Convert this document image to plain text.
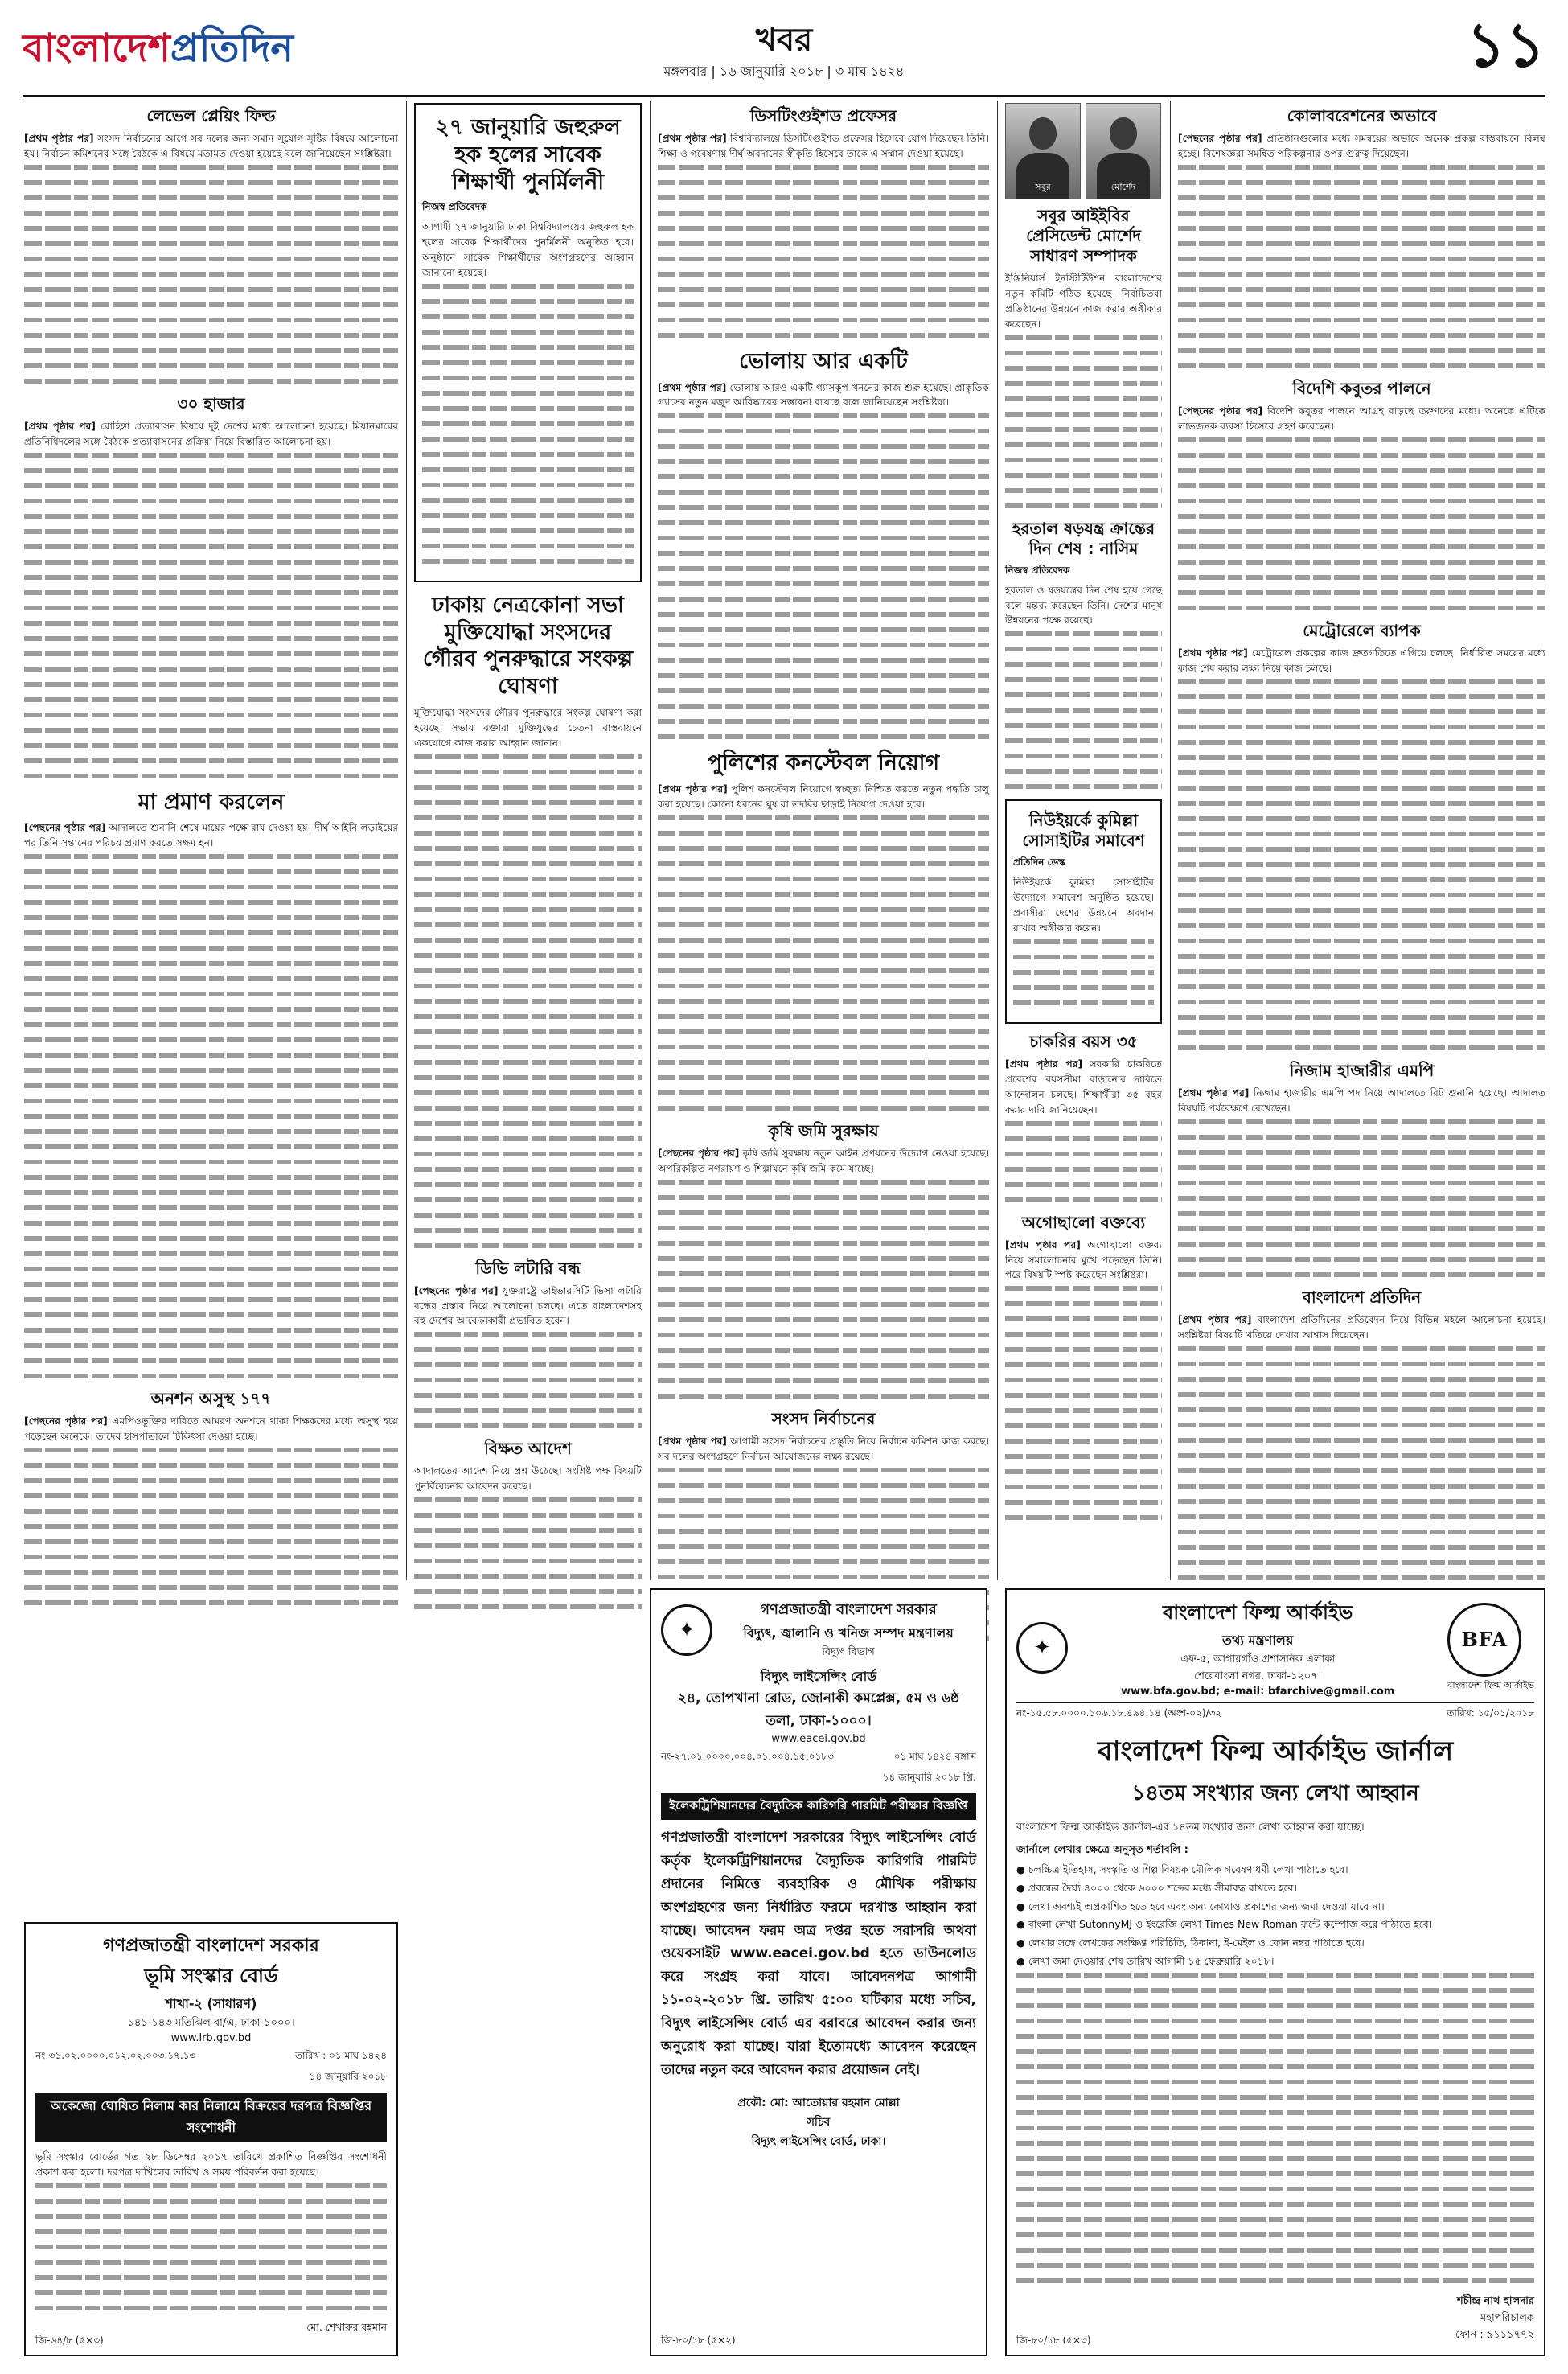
বাংলাদেশপ্রতিদিন	খবর
মঙ্গলবার | ১৬ জানুয়ারি ২০১৮ | ৩ মাঘ ১৪২৪	১১
লেভেল প্লেয়িং ফিল্ড

[প্রথম পৃষ্ঠার পর] সংসদ নির্বাচনের আগে সব দলের জন্য সমান সুযোগ সৃষ্টির বিষয়ে আলোচনা হয়। নির্বাচন কমিশনের সঙ্গে বৈঠকে এ বিষয়ে মতামত দেওয়া হয়েছে বলে জানিয়েছেন সংশ্লিষ্টরা।

৩০ হাজার

[প্রথম পৃষ্ঠার পর] রোহিঙ্গা প্রত্যাবাসন বিষয়ে দুই দেশের মধ্যে আলোচনা হয়েছে। মিয়ানমারের প্রতিনিধিদলের সঙ্গে বৈঠকে প্রত্যাবাসনের প্রক্রিয়া নিয়ে বিস্তারিত আলোচনা হয়।

মা প্রমাণ করলেন

[পেছনের পৃষ্ঠার পর] আদালতে শুনানি শেষে মায়ের পক্ষে রায় দেওয়া হয়। দীর্ঘ আইনি লড়াইয়ের পর তিনি সন্তানের পরিচয় প্রমাণ করতে সক্ষম হন।

অনশন অসুস্থ ১৭৭

[পেছনের পৃষ্ঠার পর] এমপিওভুক্তির দাবিতে আমরণ অনশনে থাকা শিক্ষকদের মধ্যে অসুস্থ হয়ে পড়েছেন অনেকে। তাদের হাসপাতালে চিকিৎসা দেওয়া হচ্ছে।

২৭ জানুয়ারি জহুরুল হক হলের সাবেক শিক্ষার্থী পুনর্মিলনী
নিজস্ব প্রতিবেদক

আগামী ২৭ জানুয়ারি ঢাকা বিশ্ববিদ্যালয়ের জহুরুল হক হলের সাবেক শিক্ষার্থীদের পুনর্মিলনী অনুষ্ঠিত হবে। অনুষ্ঠানে সাবেক শিক্ষার্থীদের অংশগ্রহণের আহ্বান জানানো হয়েছে।

ঢাকায় নেত্রকোনা সভা মুক্তিযোদ্ধা সংসদের গৌরব পুনরুদ্ধারে সংকল্প ঘোষণা

মুক্তিযোদ্ধা সংসদের গৌরব পুনরুদ্ধারে সংকল্প ঘোষণা করা হয়েছে। সভায় বক্তারা মুক্তিযুদ্ধের চেতনা বাস্তবায়নে একযোগে কাজ করার আহ্বান জানান।

ডিভি লটারি বন্ধ

[পেছনের পৃষ্ঠার পর] যুক্তরাষ্ট্রে ডাইভারসিটি ভিসা লটারি বন্ধের প্রস্তাব নিয়ে আলোচনা চলছে। এতে বাংলাদেশসহ বহু দেশের আবেদনকারী প্রভাবিত হবেন।

বিক্ষত আদেশ

আদালতের আদেশ নিয়ে প্রশ্ন উঠেছে। সংশ্লিষ্ট পক্ষ বিষয়টি পুনর্বিবেচনার আবেদন করেছে।

ডিসটিংগুইশড প্রফেসর

[প্রথম পৃষ্ঠার পর] বিশ্ববিদ্যালয়ে ডিসটিংগুইশড প্রফেসর হিসেবে যোগ দিয়েছেন তিনি। শিক্ষা ও গবেষণায় দীর্ঘ অবদানের স্বীকৃতি হিসেবে তাকে এ সম্মান দেওয়া হয়েছে।

ভোলায় আর একটি

[প্রথম পৃষ্ঠার পর] ভোলায় আরও একটি গ্যাসকূপ খননের কাজ শুরু হয়েছে। প্রাকৃতিক গ্যাসের নতুন মজুদ আবিষ্কারের সম্ভাবনা রয়েছে বলে জানিয়েছেন সংশ্লিষ্টরা।

পুলিশের কনস্টেবল নিয়োগ

[প্রথম পৃষ্ঠার পর] পুলিশ কনস্টেবল নিয়োগে স্বচ্ছতা নিশ্চিত করতে নতুন পদ্ধতি চালু করা হয়েছে। কোনো ধরনের ঘুষ বা তদবির ছাড়াই নিয়োগ দেওয়া হবে।

কৃষি জমি সুরক্ষায়

[পেছনের পৃষ্ঠার পর] কৃষি জমি সুরক্ষায় নতুন আইন প্রণয়নের উদ্যোগ নেওয়া হয়েছে। অপরিকল্পিত নগরায়ণ ও শিল্পায়নে কৃষি জমি কমে যাচ্ছে।

সংসদ নির্বাচনের

[প্রথম পৃষ্ঠার পর] আগামী সংসদ নির্বাচনের প্রস্তুতি নিয়ে নির্বাচন কমিশন কাজ করছে। সব দলের অংশগ্রহণে নির্বাচন আয়োজনের লক্ষ্য রয়েছে।

সবুর	মোর্শেদ
সবুর আইইবির প্রেসিডেন্ট মোর্শেদ সাধারণ সম্পাদক

ইঞ্জিনিয়ার্স ইনস্টিটিউশন বাংলাদেশের নতুন কমিটি গঠিত হয়েছে। নির্বাচিতরা প্রতিষ্ঠানের উন্নয়নে কাজ করার অঙ্গীকার করেছেন।

হরতাল ষড়যন্ত্র ক্রান্তের দিন শেষ : নাসিম
নিজস্ব প্রতিবেদক

হরতাল ও ষড়যন্ত্রের দিন শেষ হয়ে গেছে বলে মন্তব্য করেছেন তিনি। দেশের মানুষ উন্নয়নের পক্ষে রয়েছে।

নিউইয়র্কে কুমিল্লা সোসাইটির সমাবেশ
প্রতিদিন ডেস্ক

নিউইয়র্কে কুমিল্লা সোসাইটির উদ্যোগে সমাবেশ অনুষ্ঠিত হয়েছে। প্রবাসীরা দেশের উন্নয়নে অবদান রাখার অঙ্গীকার করেন।

চাকরির বয়স ৩৫

[প্রথম পৃষ্ঠার পর] সরকারি চাকরিতে প্রবেশের বয়সসীমা বাড়ানোর দাবিতে আন্দোলন চলছে। শিক্ষার্থীরা ৩৫ বছর করার দাবি জানিয়েছেন।

অগোছালো বক্তব্যে

[প্রথম পৃষ্ঠার পর] অগোছালো বক্তব্য নিয়ে সমালোচনার মুখে পড়েছেন তিনি। পরে বিষয়টি স্পষ্ট করেছেন সংশ্লিষ্টরা।

কোলাবরেশনের অভাবে

[পেছনের পৃষ্ঠার পর] প্রতিষ্ঠানগুলোর মধ্যে সমন্বয়ের অভাবে অনেক প্রকল্প বাস্তবায়নে বিলম্ব হচ্ছে। বিশেষজ্ঞরা সমন্বিত পরিকল্পনার ওপর গুরুত্ব দিয়েছেন।

বিদেশি কবুতর পালনে

[পেছনের পৃষ্ঠার পর] বিদেশি কবুতর পালনে আগ্রহ বাড়ছে তরুণদের মধ্যে। অনেকে এটিকে লাভজনক ব্যবসা হিসেবে গ্রহণ করেছেন।

মেট্রোরেলে ব্যাপক

[প্রথম পৃষ্ঠার পর] মেট্রোরেল প্রকল্পের কাজ দ্রুতগতিতে এগিয়ে চলছে। নির্ধারিত সময়ের মধ্যে কাজ শেষ করার লক্ষ্য নিয়ে কাজ চলছে।

নিজাম হাজারীর এমপি

[প্রথম পৃষ্ঠার পর] নিজাম হাজারীর এমপি পদ নিয়ে আদালতে রিট শুনানি হয়েছে। আদালত বিষয়টি পর্যবেক্ষণে রেখেছেন।

বাংলাদেশ প্রতিদিন

[প্রথম পৃষ্ঠার পর] বাংলাদেশ প্রতিদিনের প্রতিবেদন নিয়ে বিভিন্ন মহলে আলোচনা হয়েছে। সংশ্লিষ্টরা বিষয়টি খতিয়ে দেখার আশ্বাস দিয়েছেন।

গণপ্রজাতন্ত্রী বাংলাদেশ সরকার
ভূমি সংস্কার বোর্ড
শাখা-২ (সাধারণ)
১৪১-১৪৩ মতিঝিল বা/এ, ঢাকা-১০০০।
www.lrb.gov.bd
নং-৩১.০২.০০০০.০১২.০২.০০৩.১৭.১৩	তারিখ : ০১ মাঘ ১৪২৪
১৪ জানুয়ারি ২০১৮
অকেজো ঘোষিত নিলাম কার নিলামে বিক্রয়ের দরপত্র বিজ্ঞপ্তির সংশোধনী

ভূমি সংস্কার বোর্ডের গত ২৮ ডিসেম্বর ২০১৭ তারিখে প্রকাশিত বিজ্ঞপ্তির সংশোধনী প্রকাশ করা হলো। দরপত্র দাখিলের তারিখ ও সময় পরিবর্তন করা হয়েছে।

মো. শেখারুর রহমান
জি-৬৪/৮ (৫×৩)
✦
গণপ্রজাতন্ত্রী বাংলাদেশ সরকার
বিদ্যুৎ, জ্বালানি ও খনিজ সম্পদ মন্ত্রণালয়
বিদ্যুৎ বিভাগ
বিদ্যুৎ লাইসেন্সিং বোর্ড
২৪, তোপখানা রোড, জোনাকী কমপ্লেক্স, ৫ম ও ৬ষ্ঠ তলা, ঢাকা-১০০০।
www.eacei.gov.bd
নং-২৭.০১.০০০০.০০৪.০১.০০৪.১৫.০১৮৩	০১ মাঘ ১৪২৪ বঙ্গাব্দ
১৪ জানুয়ারি ২০১৮ খ্রি.
ইলেকট্রিশিয়ানদের বৈদ্যুতিক কারিগরি পারমিট পরীক্ষার বিজ্ঞপ্তি

গণপ্রজাতন্ত্রী বাংলাদেশ সরকারের বিদ্যুৎ লাইসেন্সিং বোর্ড কর্তৃক ইলেকট্রিশিয়ানদের বৈদ্যুতিক কারিগরি পারমিট প্রদানের নিমিত্তে ব্যবহারিক ও মৌখিক পরীক্ষায় অংশগ্রহণের জন্য নির্ধারিত ফরমে দরখাস্ত আহ্বান করা যাচ্ছে। আবেদন ফরম অত্র দপ্তর হতে সরাসরি অথবা ওয়েবসাইট www.eacei.gov.bd হতে ডাউনলোড করে সংগ্রহ করা যাবে। আবেদনপত্র আগামী ১১-০২-২০১৮ খ্রি. তারিখ ৫:০০ ঘটিকার মধ্যে সচিব, বিদ্যুৎ লাইসেন্সিং বোর্ড এর বরাবরে আবেদন করার জন্য অনুরোধ করা যাচ্ছে। যারা ইতোমধ্যে আবেদন করেছেন তাদের নতুন করে আবেদন করার প্রয়োজন নেই।

প্রকৌ: মো: আতোয়ার রহমান মোল্লা
সচিব
বিদ্যুৎ লাইসেন্সিং বোর্ড, ঢাকা।
জি-৮০/১৮ (৫×২)
✦
বাংলাদেশ ফিল্ম আর্কাইভ
তথ্য মন্ত্রণালয়
এফ-৫, আগারগাঁও প্রশাসনিক এলাকা
শেরেবাংলা নগর, ঢাকা-১২০৭।
www.bfa.gov.bd; e-mail: bfarchive@gmail.com
BFA
বাংলাদেশ ফিল্ম আর্কাইভ
নং-১৫.৫৮.০০০০.১০৬.১৮.৪৯৪.১৪ (অংশ-০২)/৩২	তারিখ: ১৫/০১/২০১৮
বাংলাদেশ ফিল্ম আর্কাইভ জার্নাল
১৪তম সংখ্যার জন্য লেখা আহ্বান

বাংলাদেশ ফিল্ম আর্কাইভ জার্নাল-এর ১৪তম সংখ্যার জন্য লেখা আহ্বান করা যাচ্ছে।

জার্নালে লেখার ক্ষেত্রে অনুসৃত শর্তাবলি :
● চলচ্চিত্র ইতিহাস, সংস্কৃতি ও শিল্প বিষয়ক মৌলিক গবেষণাধর্মী লেখা পাঠাতে হবে।
● প্রবন্ধের দৈর্ঘ্য ৪০০০ থেকে ৬০০০ শব্দের মধ্যে সীমাবদ্ধ রাখতে হবে।
● লেখা অবশ্যই অপ্রকাশিত হতে হবে এবং অন্য কোথাও প্রকাশের জন্য জমা দেওয়া যাবে না।
● বাংলা লেখা SutonnyMJ ও ইংরেজি লেখা Times New Roman ফন্টে কম্পোজ করে পাঠাতে হবে।
● লেখার সঙ্গে লেখকের সংক্ষিপ্ত পরিচিতি, ঠিকানা, ই-মেইল ও ফোন নম্বর পাঠাতে হবে।
● লেখা জমা দেওয়ার শেষ তারিখ আগামী ১৫ ফেব্রুয়ারি ২০১৮।
শচীন্দ্র নাথ হালদার
মহাপরিচালক
ফোন : ৯১১১৭৭২
জি-৮০/১৮ (৫×৩)
